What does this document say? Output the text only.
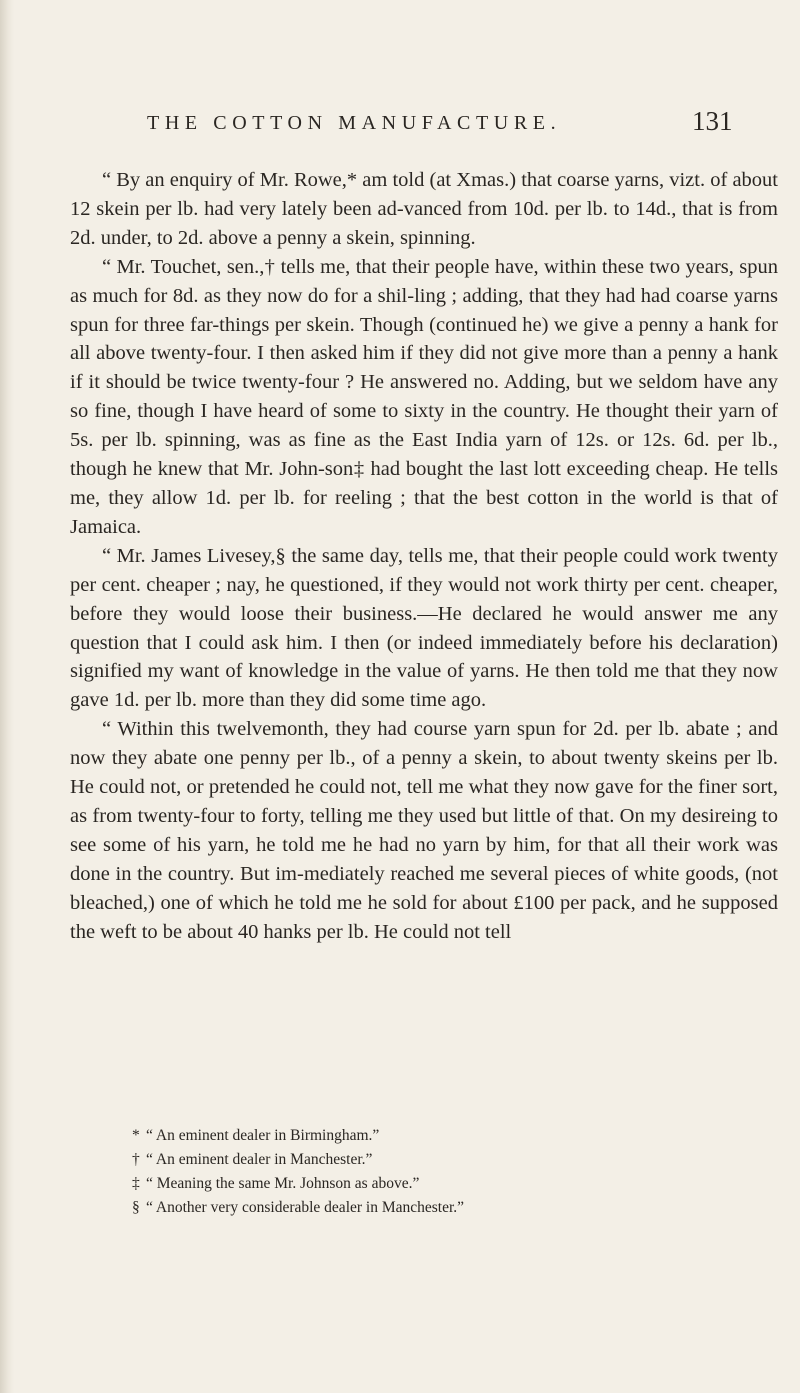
THE COTTON MANUFACTURE.	131

“ By an enquiry of Mr. Rowe,* am told (at Xmas.) that coarse yarns, vizt. of about 12 skein per lb. had very lately been ad-vanced from 10d. per lb. to 14d., that is from 2d. under, to 2d. above a penny a skein, spinning.

“ Mr. Touchet, sen.,† tells me, that their people have, within these two years, spun as much for 8d. as they now do for a shil-ling ; adding, that they had had coarse yarns spun for three far-things per skein. Though (continued he) we give a penny a hank for all above twenty-four. I then asked him if they did not give more than a penny a hank if it should be twice twenty-four ? He answered no. Adding, but we seldom have any so fine, though I have heard of some to sixty in the country. He thought their yarn of 5s. per lb. spinning, was as fine as the East India yarn of 12s. or 12s. 6d. per lb., though he knew that Mr. John-son‡ had bought the last lott exceeding cheap. He tells me, they allow 1d. per lb. for reeling ; that the best cotton in the world is that of Jamaica.

“ Mr. James Livesey,§ the same day, tells me, that their people could work twenty per cent. cheaper ; nay, he questioned, if they would not work thirty per cent. cheaper, before they would loose their business.—He declared he would answer me any question that I could ask him. I then (or indeed immediately before his declaration) signified my want of knowledge in the value of yarns. He then told me that they now gave 1d. per lb. more than they did some time ago.

“ Within this twelvemonth, they had course yarn spun for 2d. per lb. abate ; and now they abate one penny per lb., of a penny a skein, to about twenty skeins per lb. He could not, or pretended he could not, tell me what they now gave for the finer sort, as from twenty-four to forty, telling me they used but little of that. On my desireing to see some of his yarn, he told me he had no yarn by him, for that all their work was done in the country. But im-mediately reached me several pieces of white goods, (not bleached,) one of which he told me he sold for about £100 per pack, and he supposed the weft to be about 40 hanks per lb. He could not tell

* “ An eminent dealer in Birmingham.”

† “ An eminent dealer in Manchester.”

‡ “ Meaning the same Mr. Johnson as above.”

§ “ Another very considerable dealer in Manchester.”
